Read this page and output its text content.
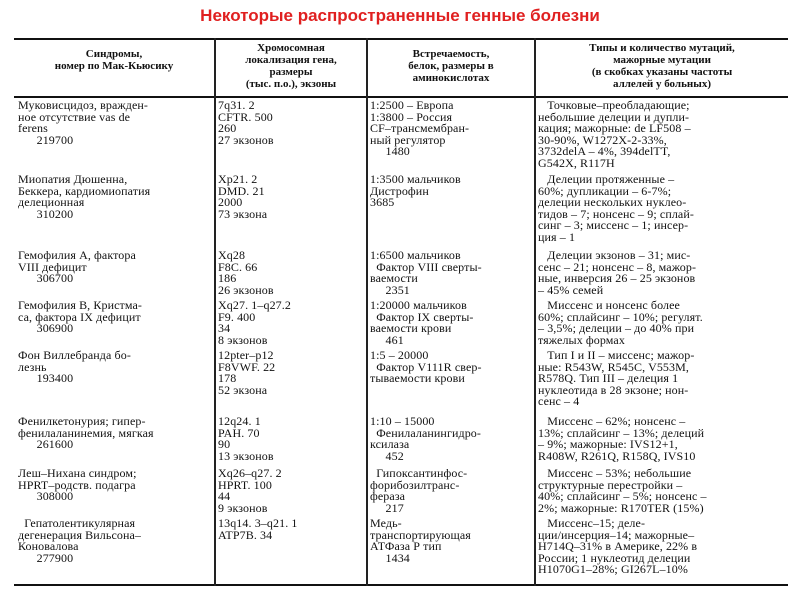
Некоторые распространенные генные болезни
Синдромы,
номер по Мак-Кьюсику
Хромосомная
локализация гена,
размеры
(тыс. п.о.), экзоны
Встречаемость,
белок, размеры в
аминокислотах
Типы и количество мутаций,
мажорные мутации
(в скобках указаны частоты
аллелей у больных)
Муковисцидоз, вражден-
ное отсутствие vas de
ferens
219700
7q31. 2
CFTR. 500
260
27 экзонов
1:2500 – Европа
1:3800 – Россия
CF–трансмембран-
ный регулятор
1480
Точковые–преобладающие;
небольшие делеции и дупли-
кация; мажорные: de LF508 –
30-90%, W1272X-2-33%,
3732delA – 4%, 394delTT,
G542X, R117H
Миопатия Дюшенна,
Беккера, кардиомиопатия
делеционная
310200
Xp21. 2
DMD. 21
2000
73 экзона
1:3500 мальчиков
Дистрофин
3685
Делеции протяженные –
60%; дупликации – 6-7%;
делеции нескольких нуклео-
тидов – 7; нонсенс – 9; сплай-
синг – 3; миссенс – 1; инсер-
ция – 1
Гемофилия А, фактора
VIII дефицит
306700
Xq28
F8C. 66
186
26 экзонов
1:6500 мальчиков
Фактор VIII сверты-
ваемости
2351
Делеции экзонов – 31; мис-
сенс – 21; нонсенс – 8, мажор-
ные, инверсия 26 – 25 экзонов
– 45% семей
Гемофилия В, Кристма-
са, фактора IX дефицит
306900
Xq27. 1–q27.2
F9. 400
34
8 экзонов
1:20000 мальчиков
Фактор IX сверты-
ваемости крови
461
Миссенс и нонсенс более
60%; сплайсинг – 10%; регулят.
– 3,5%; делеции – до 40% при
тяжелых формах
Фон Виллебранда бо-
лезнь
193400
12pter–p12
F8VWF. 22
178
52 экзона
1:5 – 20000
Фактор V111R свер-
тываемости крови
Тип I и II – миссенс; мажор-
ные: R543W, R545C, V553M,
R578Q. Тип III – делеция 1
нуклеотида в 28 экзоне; нон-
сенс – 4
Фенилкетонурия; гипер-
фенилаланинемия, мягкая
261600
12q24. 1
PAH. 70
90
13 экзонов
1:10 – 15000
Фенилаланингидро-
ксилаза
452
Миссенс – 62%; нонсенс –
13%; сплайсинг – 13%; делеций
– 9%; мажорные: IVS12+1,
R408W, R261Q, R158Q, IVS10
Леш–Нихана синдром;
HPRT–родств. подагра
308000
Xq26–q27. 2
HPRT. 100
44
9 экзонов
Гипоксантинфос-
форибозилтранс-
фераза
217
Миссенс – 53%; небольшие
структурные перестройки –
40%; сплайсинг – 5%; нонсенс –
2%; мажорные: R170TER (15%)
Гепатолентикулярная
дегенерация Вильсона–
Коновалова
277900
13q14. 3–q21. 1
ATP7B. 34
Медь-
транспортирующая
АТФаза Р тип
1434
Миссенс–15; деле-
ции/инсерция–14; мажорные–
H714Q–31% в Америке, 22% в
России; 1 нуклеотид делеции
H1070G1–28%; GI267L–10%
